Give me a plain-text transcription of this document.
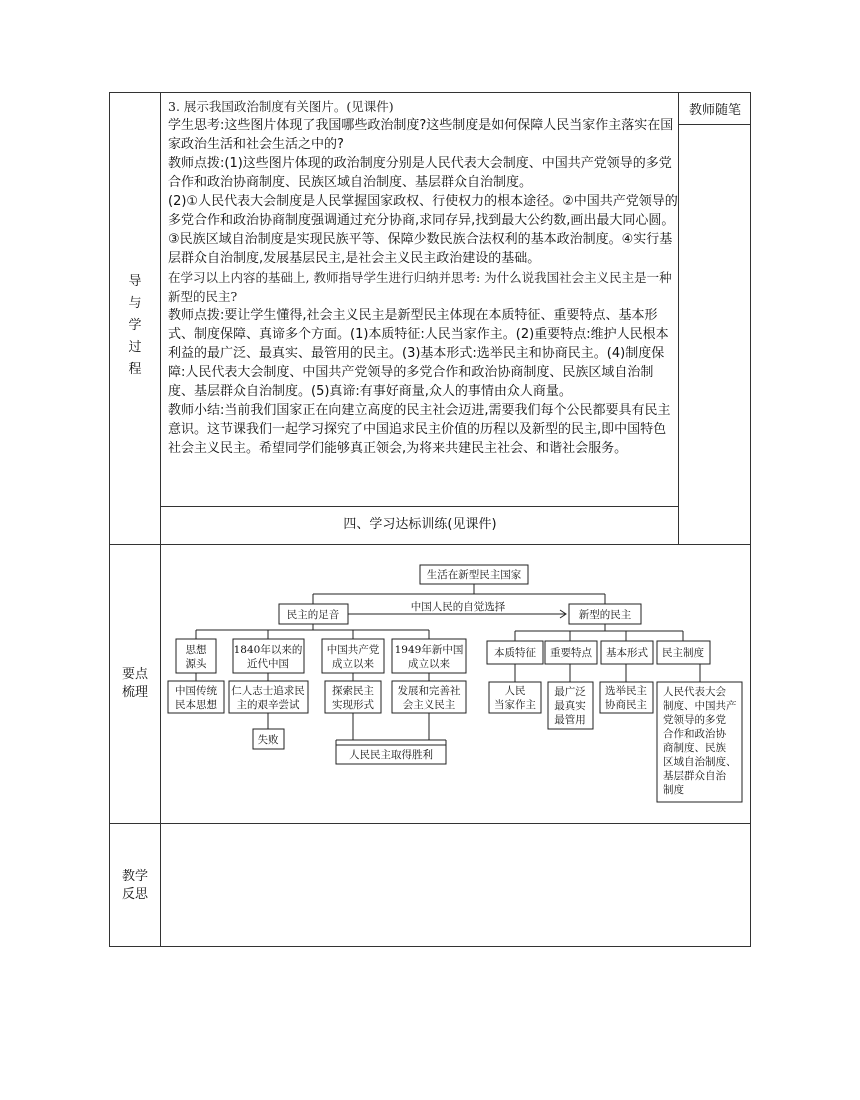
导
与
学
过
程
教师随笔

3. 展示我国政治制度有关图片。(见课件)

学生思考:这些图片体现了我国哪些政治制度?这些制度是如何保障人民当家作主落实在国家政治生活和社会生活之中的?

教师点拨:(1)这些图片体现的政治制度分别是人民代表大会制度、中国共产党领导的多党合作和政治协商制度、民族区域自治制度、基层群众自治制度。

(2)①人民代表大会制度是人民掌握国家政权、行使权力的根本途径。②中国共产党领导的多党合作和政治协商制度强调通过充分协商,求同存异,找到最大公约数,画出最大同心圆。③民族区域自治制度是实现民族平等、保障少数民族合法权利的基本政治制度。④实行基层群众自治制度,发展基层民主,是社会主义民主政治建设的基础。

在学习以上内容的基础上, 教师指导学生进行归纳并思考: 为什么说我国社会主义民主是一种新型的民主?

教师点拨:要让学生懂得,社会主义民主是新型民主体现在本质特征、重要特点、基本形式、制度保障、真谛多个方面。(1)本质特征:人民当家作主。(2)重要特点:维护人民根本利益的最广泛、最真实、最管用的民主。(3)基本形式:选举民主和协商民主。(4)制度保障:人民代表大会制度、中国共产党领导的多党合作和政治协商制度、民族区域自治制度、基层群众自治制度。(5)真谛:有事好商量,众人的事情由众人商量。

教师小结:当前我们国家正在向建立高度的民主社会迈进,需要我们每个公民都要具有民主意识。这节课我们一起学习探究了中国追求民主价值的历程以及新型的民主,即中国特色社会主义民主。希望同学们能够真正领会,为将来共建民主社会、和谐社会服务。

四、学习达标训练(见课件)
要点
梳理
生活在新型民主国家
民主的足音	新型的民主
中国人民的自觉选择
思想
源头
1840年以来的
近代中国
中国共产党
成立以来
1949年新中国
成立以来
中国传统
民本思想
仁人志士追求民
主的艰辛尝试
探索民主
实现形式
发展和完善社
会主义民主
失败
人民民主取得胜利
本质特征 重要特点 基本形式 民主制度
人民
当家作主
最广泛
最真实
最管用
选举民主
协商民主
人民代表大会
制度、中国共产
党领导的多党
合作和政治协
商制度、民族
区域自治制度、
基层群众自治
制度
教学
反思
